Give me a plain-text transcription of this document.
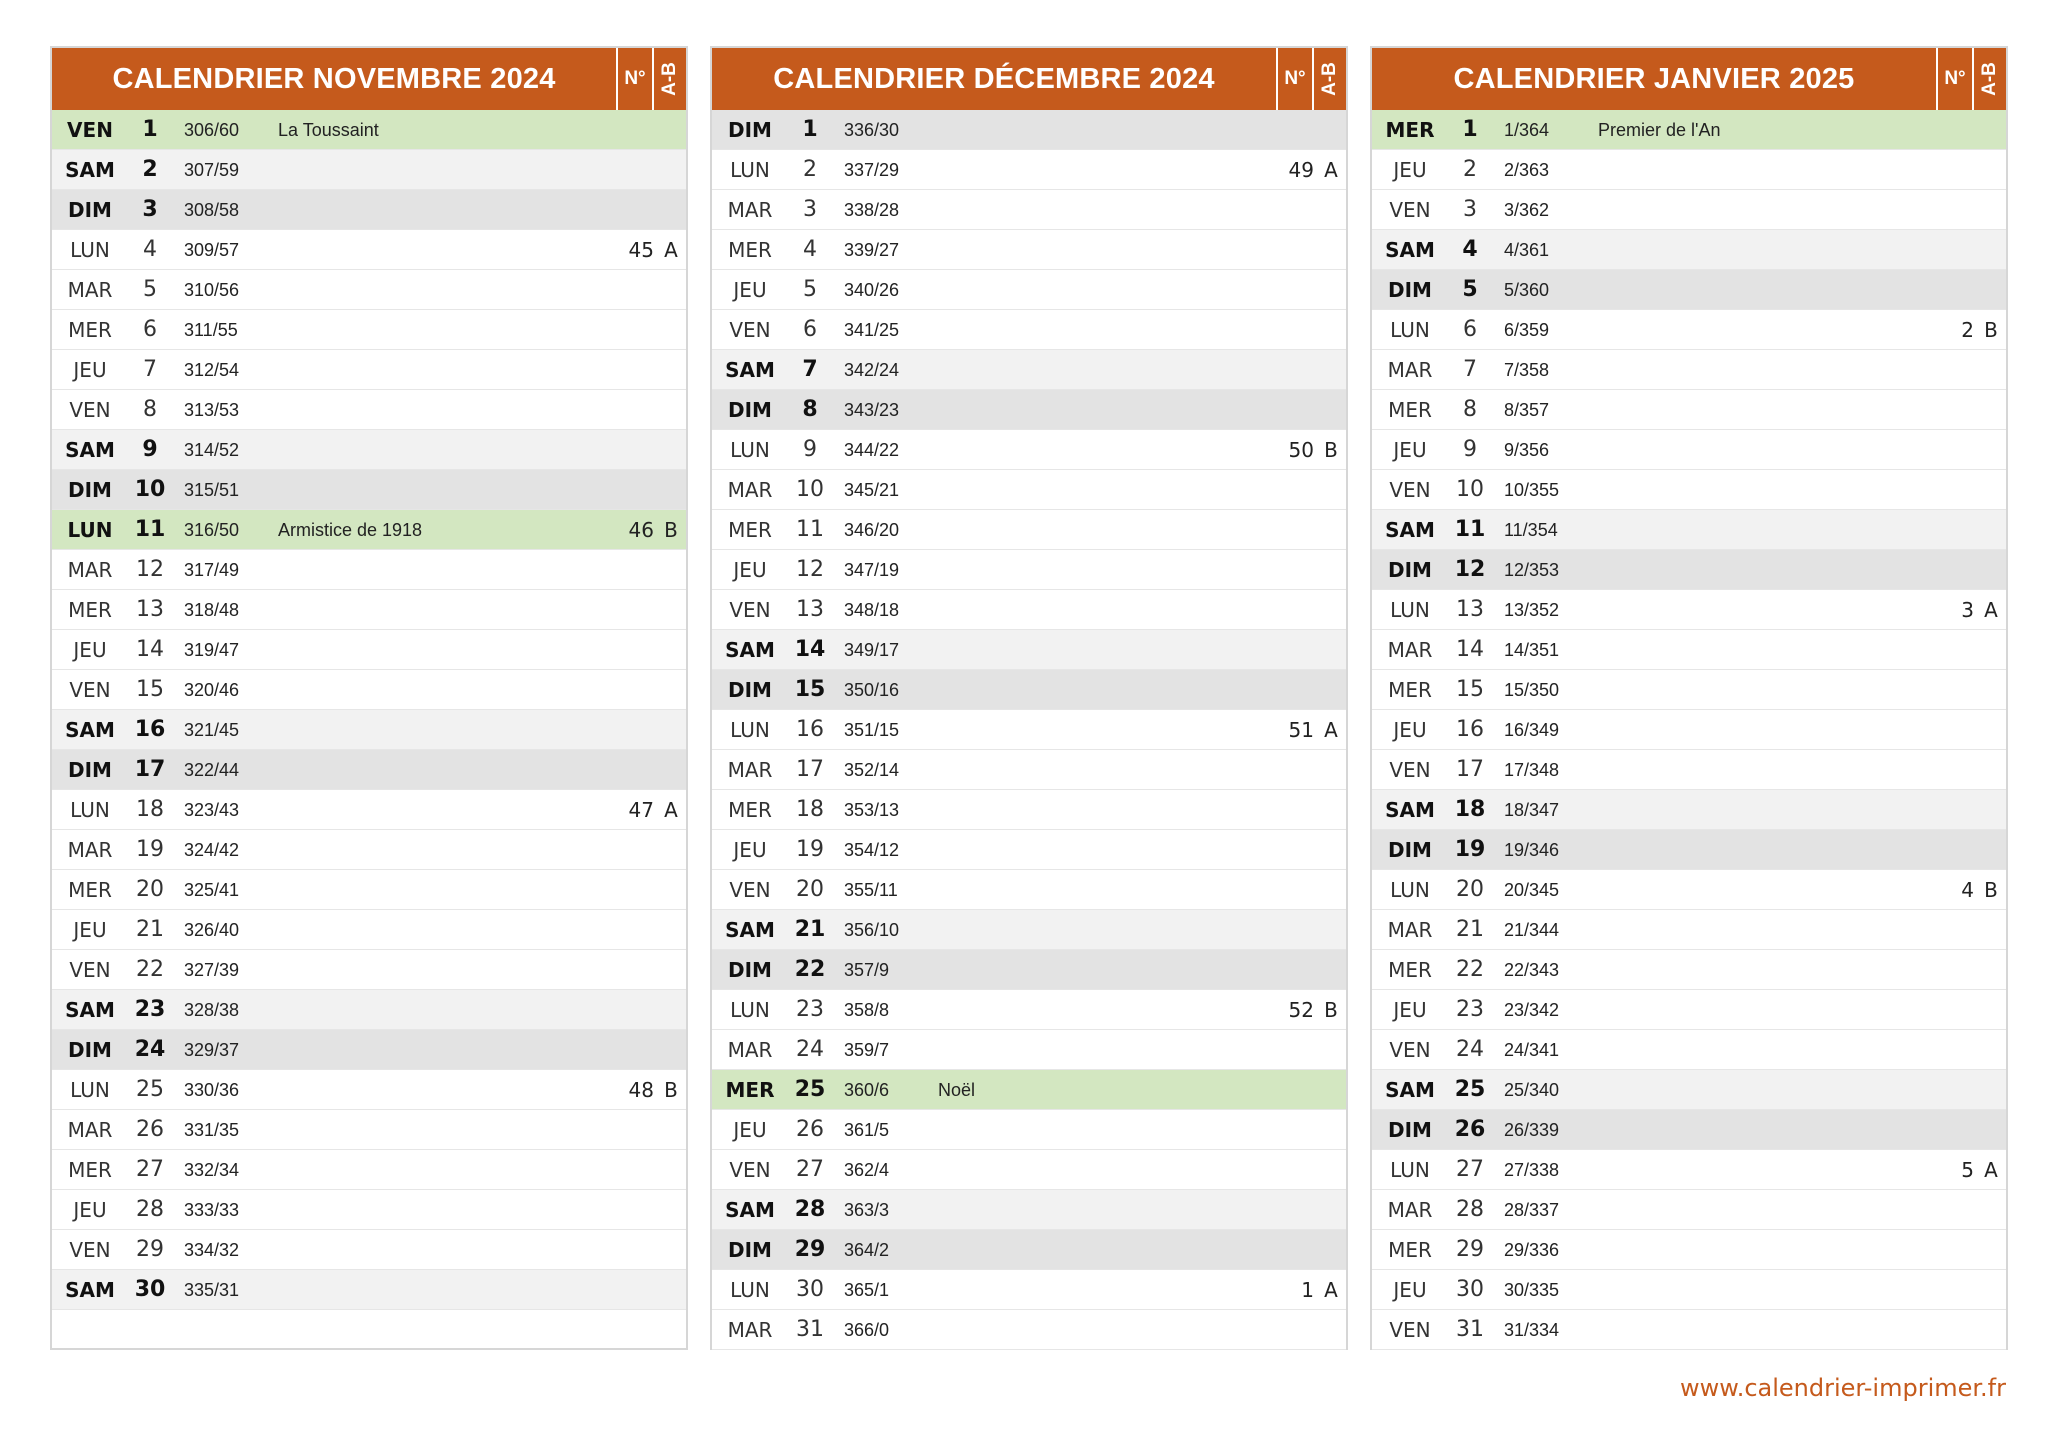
CALENDRIER NOVEMBRE 2024	N° A-B
VEN	1	306/60	La Toussaint
SAM	2	307/59
DIM	3	308/58
LUN	4	309/57	45 A
MAR	5	310/56
MER	6	311/55
JEU	7	312/54
VEN	8	313/53
SAM	9	314/52
DIM	10	315/51
LUN	11	316/50	Armistice de 1918	46 B
MAR	12	317/49
MER	13	318/48
JEU	14	319/47
VEN	15	320/46
SAM 16	321/45
DIM	17	322/44
LUN	18	323/43	47 A
MAR	19	324/42
MER	20	325/41
JEU	21	326/40
VEN	22	327/39
SAM 23	328/38
DIM	24	329/37
LUN	25	330/36	48 B
MAR	26	331/35
MER	27	332/34
JEU	28	333/33
VEN	29	334/32
SAM 30	335/31
CALENDRIER DÉCEMBRE 2024	N° A-B
DIM	1	336/30
LUN	2	337/29	49 A
MAR	3	338/28
MER	4	339/27
JEU	5	340/26
VEN	6	341/25
SAM	7	342/24
DIM	8	343/23
LUN	9	344/22	50 B
MAR	10	345/21
MER	11	346/20
JEU	12	347/19
VEN	13	348/18
SAM 14	349/17
DIM	15	350/16
LUN	16	351/15	51 A
MAR	17	352/14
MER	18	353/13
JEU	19	354/12
VEN	20	355/11
SAM 21	356/10
DIM	22	357/9
LUN	23	358/8	52 B
MAR	24	359/7
MER 25	360/6	Noël
JEU	26	361/5
VEN	27	362/4
SAM 28	363/3
DIM	29	364/2
LUN	30	365/1	1 A
MAR	31	366/0
CALENDRIER JANVIER 2025	N° A-B
MER	1	1/364	Premier de l'An
JEU	2	2/363
VEN	3	3/362
SAM	4	4/361
DIM	5	5/360
LUN	6	6/359	2 B
MAR	7	7/358
MER	8	8/357
JEU	9	9/356
VEN	10	10/355
SAM 11	11/354
DIM	12	12/353
LUN	13	13/352	3 A
MAR	14	14/351
MER	15	15/350
JEU	16	16/349
VEN	17	17/348
SAM 18	18/347
DIM	19	19/346
LUN	20	20/345	4 B
MAR	21	21/344
MER	22	22/343
JEU	23	23/342
VEN	24	24/341
SAM 25	25/340
DIM	26	26/339
LUN	27	27/338	5 A
MAR	28	28/337
MER	29	29/336
JEU	30	30/335
VEN	31	31/334
www.calendrier-imprimer.fr
